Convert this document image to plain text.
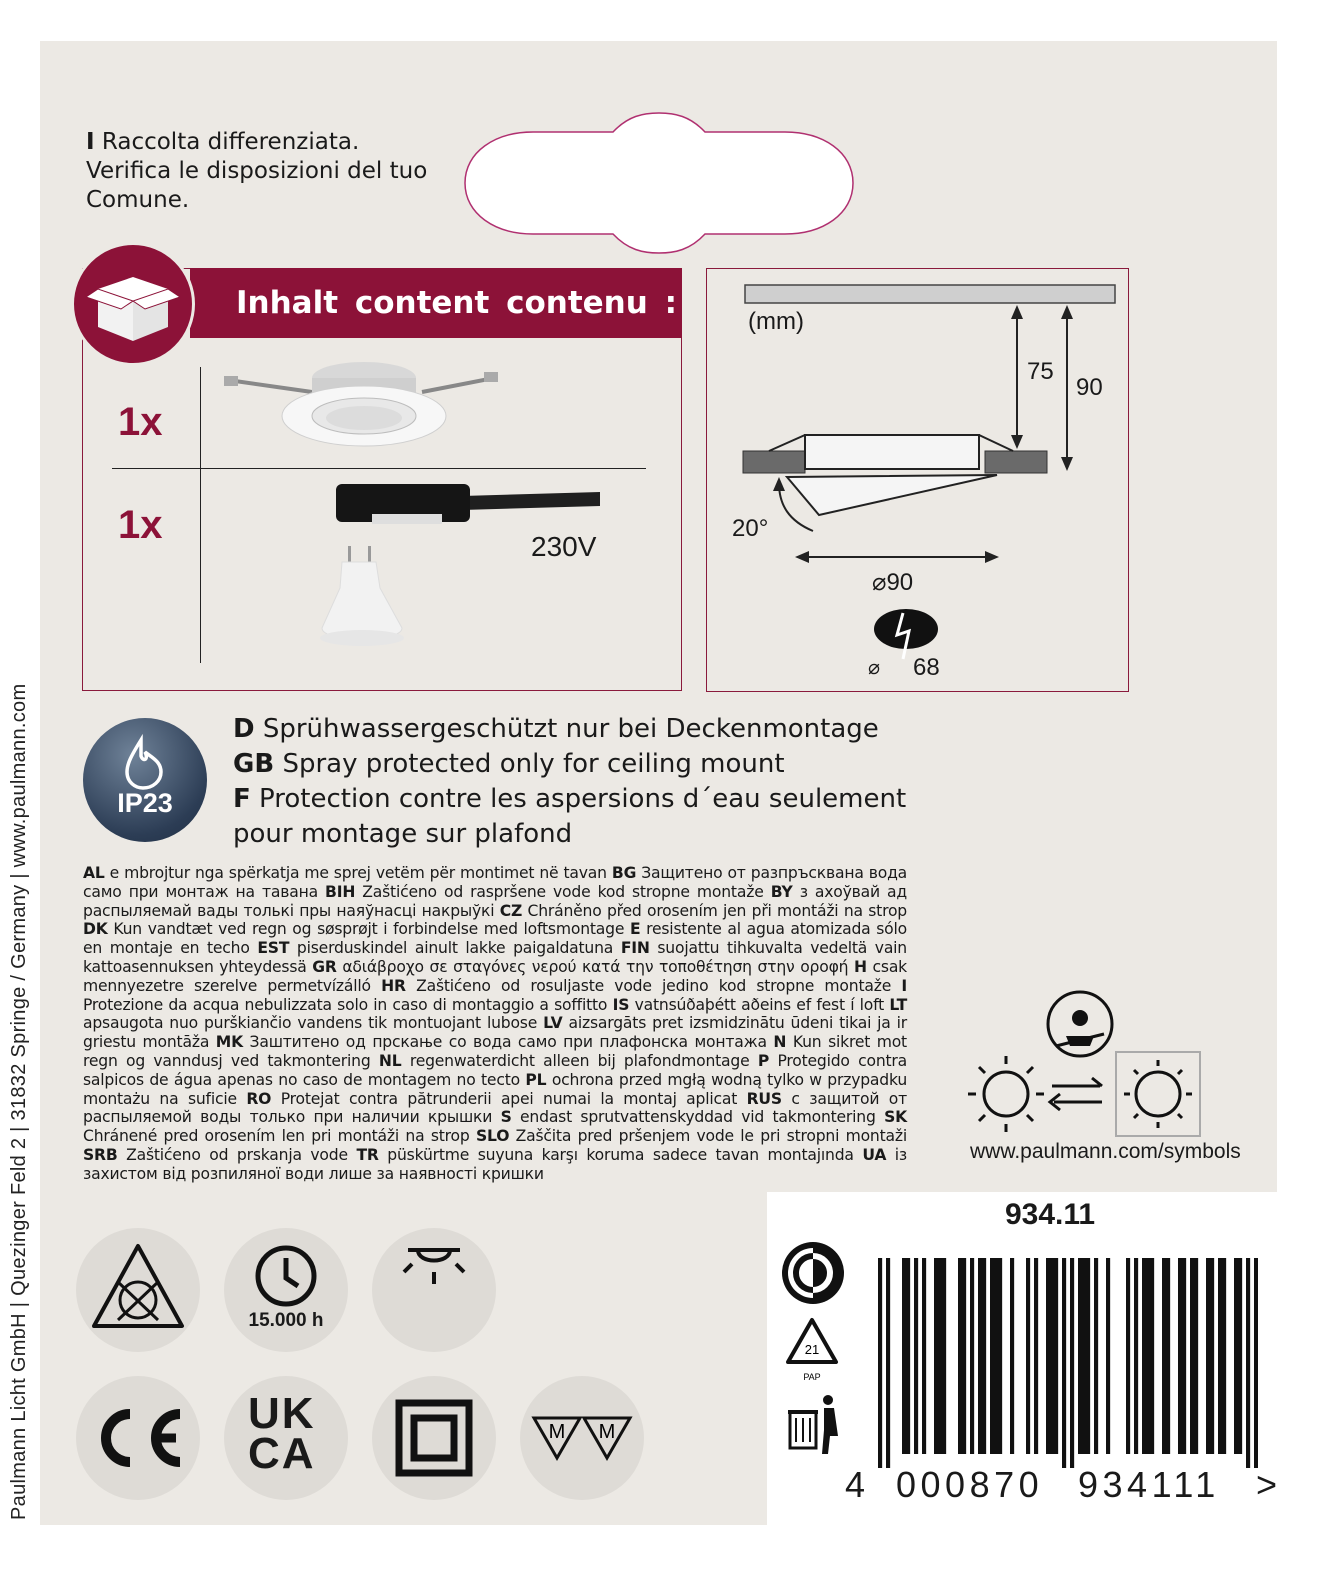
Paulmann Licht GmbH | Quezinger Feld 2 | 31832 Springe / Germany | www.paulmann.com
I Raccolta differenziata. Verifica le disposizioni del tuo Comune.
Inhalt content contenu :
1x
1x	230V
(mm)
75
90
20°
⌀90
⌀ 68
IP23
D Sprühwassergeschützt nur bei Deckenmontage
GB Spray protected only for ceiling mount
F Protection contre les aspersions d´eau seulement pour montage sur plafond
AL e mbrojtur nga spërkatja me sprej vetëm për montimet në tavan BG Защитено от разпръсквана вода само при монтаж на тавана BIH Zaštićeno od raspršene vode kod stropne montaže BY з ахоўвай ад распыляемай вады толькі пры наяўнасці накрыўкі CZ Chráněno před orosením jen při montáži na strop DK Kun vandtæt ved regn og søsprøjt i forbindelse med loftsmontage E resistente al agua atomizada sólo en montaje en techo EST piserduskindel ainult lakke paigaldatuna FIN suojattu tihkuvalta vedeltä vain kattoasennuksen yhteydessä GR αδιάβροχο σε σταγόνες νερού κατά την τοποθέτηση στην οροφή H csak mennyezetre szerelve permetvízálló HR Zaštićeno od rosuljaste vode jedino kod stropne montaže I Protezione da acqua nebulizzata solo in caso di montaggio a soffitto IS vatnsúðaþétt aðeins ef fest í loft LT apsaugota nuo purškiančio vandens tik montuojant lubose LV aizsargāts pret izsmidzinātu ūdeni tikai ja ir griestu montāža MK Заштитено од прскање со вода само при плафонска монтажа N Kun sikret mot regn og vanndusj ved takmontering NL regenwaterdicht alleen bij plafondmontage P Protegido contra salpicos de água apenas no caso de montagem no tecto PL ochrona przed mgłą wodną tylko w przypadku montażu na suficie RO Protejat contra pătrunderii apei numai la montaj aplicat RUS с защитой от распыляемой воды только при наличии крышки S endast sprutvattenskyddad vid takmontering SK Chránené pred orosením len pri montáži na strop SLO Zaščita pred pršenjem vode le pri stropni montaži SRB Zaštićeno od prskanja vode TR püskürtme suyuna karşı koruma sadece tavan montajında UA із захистом від розпиляної води лише за наявності кришки
www.paulmann.com/symbols
15.000 h
UK
CA	M M
934.11
21
PAP
4 000870 934111 >
